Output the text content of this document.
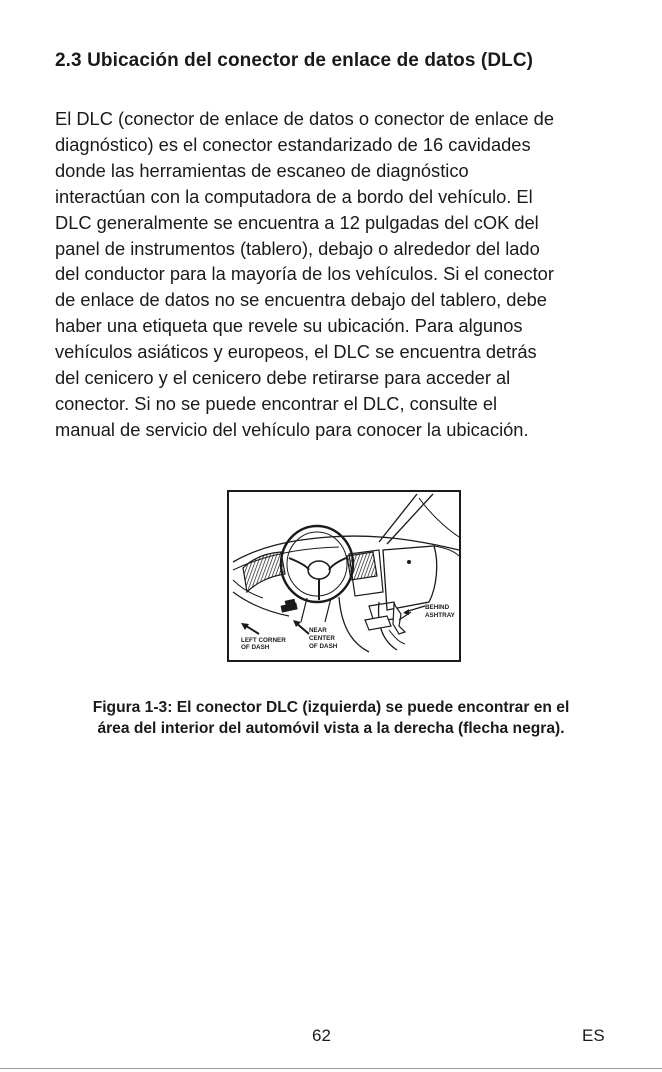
2.3 Ubicación del conector de enlace de datos (DLC)
El DLC (conector de enlace de datos o conector de enlace de
diagnóstico) es el conector estandarizado de 16 cavidades
donde las herramientas de escaneo de diagnóstico
interactúan con la computadora de a bordo del vehículo. El
DLC generalmente se encuentra a 12 pulgadas del cOK del
panel de instrumentos (tablero), debajo o alrededor del lado
del conductor para la mayoría de los vehículos. Si el conector
de enlace de datos no se encuentra debajo del tablero, debe
haber una etiqueta que revele su ubicación. Para algunos
vehículos asiáticos y europeos, el DLC se encuentra detrás
del cenicero y el cenicero debe retirarse para acceder al
conector. Si no se puede encontrar el DLC, consulte el
manual de servicio del vehículo para conocer la ubicación.
LEFT CORNER
OF DASH
NEAR
CENTER
OF DASH
BEHIND
ASHTRAY

Figura 1-3: El conector DLC (izquierda) se puede encontrar en el
área del interior del automóvil vista a la derecha (flecha negra).

62	ES
